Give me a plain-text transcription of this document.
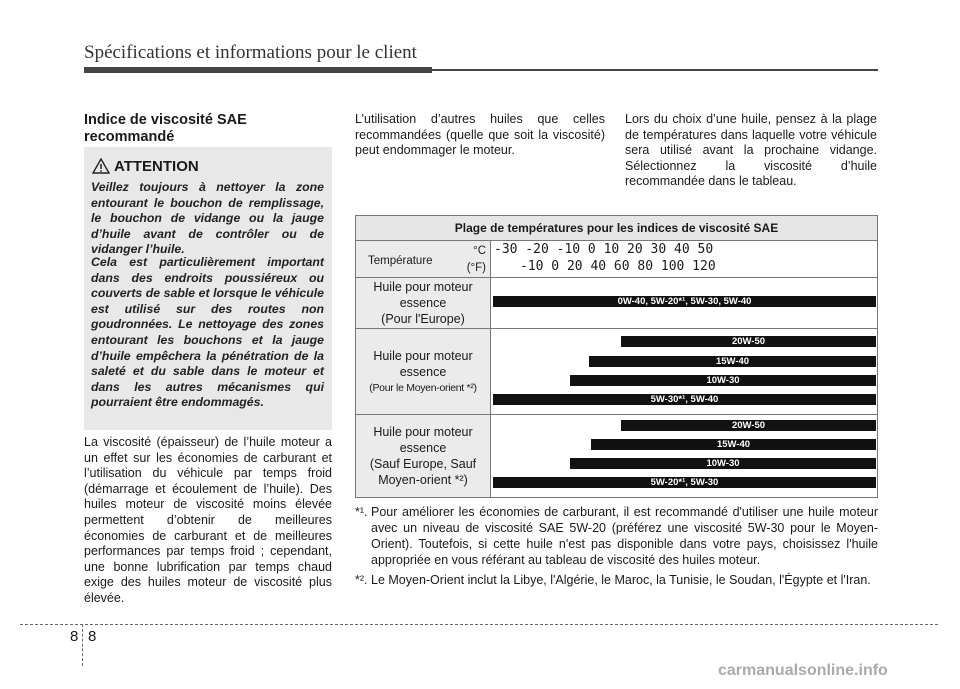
Spécifications et informations pour le client
Indice de viscosité SAE recommandé
ATTENTION
Veillez toujours à nettoyer la zone entourant le bouchon de remplissage, le bouchon de vidange ou la jauge d’huile avant de contrôler ou de vidanger l’huile.
Cela est particulièrement important dans des endroits poussiéreux ou couverts de sable et lorsque le véhicule est utilisé sur des routes non goudronnées. Le nettoyage des zones entourant les bouchons et la jauge d’huile empêchera la pénétration de la saleté et du sable dans le moteur et dans les autres mécanismes qui pourraient être endommagés.
La viscosité (épaisseur) de l’huile moteur a un effet sur les économies de carburant et l’utilisation du véhicule par temps froid (démarrage et écoulement de l’huile). Des huiles moteur de viscosité moins élevée permettent d’obtenir de meilleures économies de carburant et de meilleures performances par temps froid ; cependant, une bonne lubrification par temps chaud exige des huiles moteur de viscosité plus élevée.
L’utilisation d’autres huiles que celles recommandées (quelle que soit la viscosité) peut endommager le moteur.
Lors du choix d’une huile, pensez à la plage de températures dans laquelle votre véhicule sera utilisé avant la prochaine vidange. Sélectionnez la viscosité d’huile recommandée dans le tableau.
Plage de températures pour les indices de viscosité SAE
Température
°C
(°F)
-30 -20 -10 0 10 20 30 40 50
-10 0 20 40 60 80 100 120
Huile pour moteur
essence
(Pour l'Europe)
0W-40, 5W-20*¹, 5W-30, 5W-40
Huile pour moteur
essence
(Pour le Moyen-orient *²)
20W-50
15W-40
10W-30
5W-30*¹, 5W-40
Huile pour moteur
essence
(Sauf Europe, Sauf
Moyen-orient *²)
20W-50
15W-40
10W-30
5W-20*¹, 5W-30
*¹. Pour améliorer les économies de carburant, il est recommandé d'utiliser une huile moteur avec un niveau de viscosité SAE 5W-20 (préférez une viscosité 5W-30 pour le Moyen-Orient). Toutefois, si cette huile n'est pas disponible dans votre pays, choisissez l'huile appropriée en vous référant au tableau de viscosité des huiles moteur.
*². Le Moyen-Orient inclut la Libye, l'Algérie, le Maroc, la Tunisie, le Soudan, l'Égypte et l'Iran.
8 8
carmanualsonline.info
